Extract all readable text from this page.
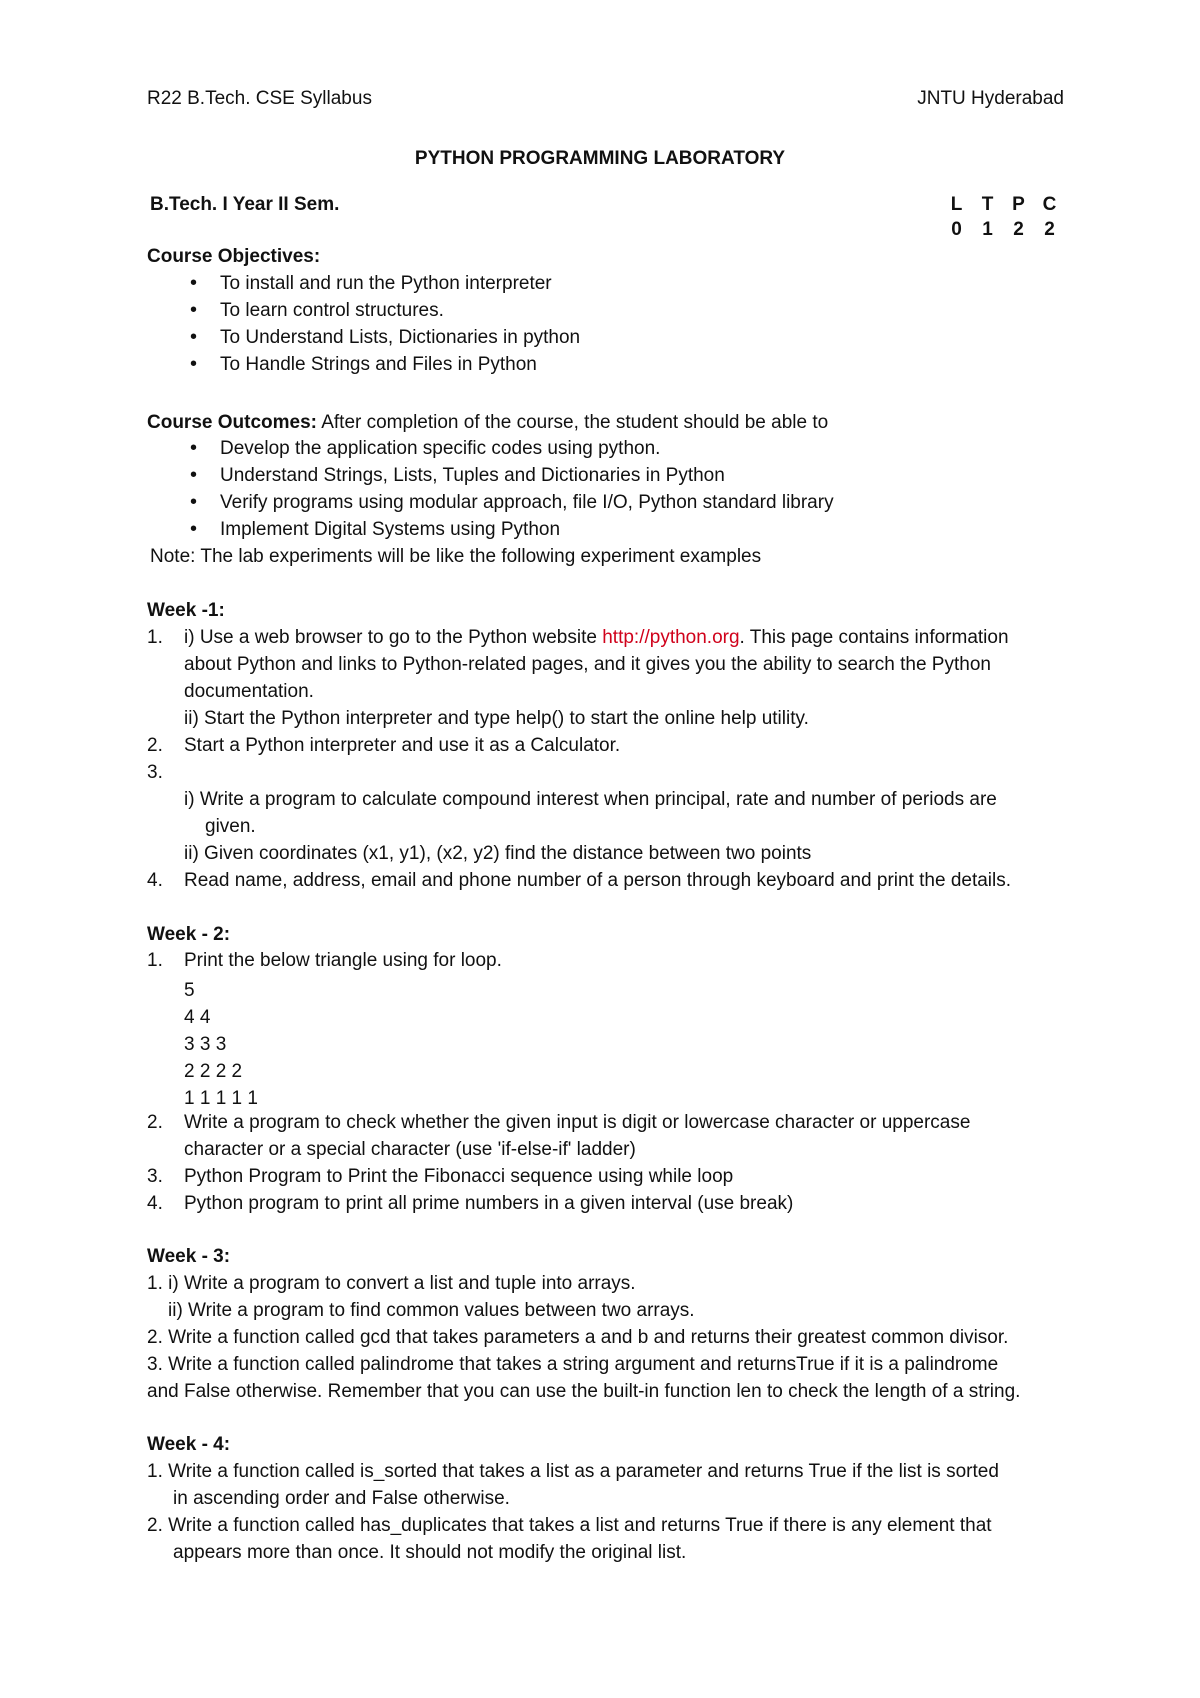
R22 B.Tech. CSE Syllabus	JNTU Hyderabad
PYTHON PROGRAMMING LABORATORY
B.Tech. I Year II Sem.	L T P C
0 1 2 2
Course Objectives:
• To install and run the Python interpreter
• To learn control structures.
• To Understand Lists, Dictionaries in python
• To Handle Strings and Files in Python
Course Outcomes: After completion of the course, the student should be able to
• Develop the application specific codes using python.
• Understand Strings, Lists, Tuples and Dictionaries in Python
• Verify programs using modular approach, file I/O, Python standard library
• Implement Digital Systems using Python
Note: The lab experiments will be like the following experiment examples
Week -1:
1. i) Use a web browser to go to the Python website http://python.org. This page contains information
about Python and links to Python-related pages, and it gives you the ability to search the Python
documentation.
ii) Start the Python interpreter and type help() to start the online help utility.
2. Start a Python interpreter and use it as a Calculator.
3.
i) Write a program to calculate compound interest when principal, rate and number of periods are
given.
ii) Given coordinates (x1, y1), (x2, y2) find the distance between two points
4. Read name, address, email and phone number of a person through keyboard and print the details.
Week - 2:
1. Print the below triangle using for loop.
5
4 4
3 3 3
2 2 2 2
1 1 1 1 1
2. Write a program to check whether the given input is digit or lowercase character or uppercase
character or a special character (use 'if-else-if' ladder)
3. Python Program to Print the Fibonacci sequence using while loop
4. Python program to print all prime numbers in a given interval (use break)
Week - 3:
1. i) Write a program to convert a list and tuple into arrays.
ii) Write a program to find common values between two arrays.
2. Write a function called gcd that takes parameters a and b and returns their greatest common divisor.
3. Write a function called palindrome that takes a string argument and returnsTrue if it is a palindrome
and False otherwise. Remember that you can use the built-in function len to check the length of a string.
Week - 4:
1. Write a function called is_sorted that takes a list as a parameter and returns True if the list is sorted
in ascending order and False otherwise.
2. Write a function called has_duplicates that takes a list and returns True if there is any element that
appears more than once. It should not modify the original list.
